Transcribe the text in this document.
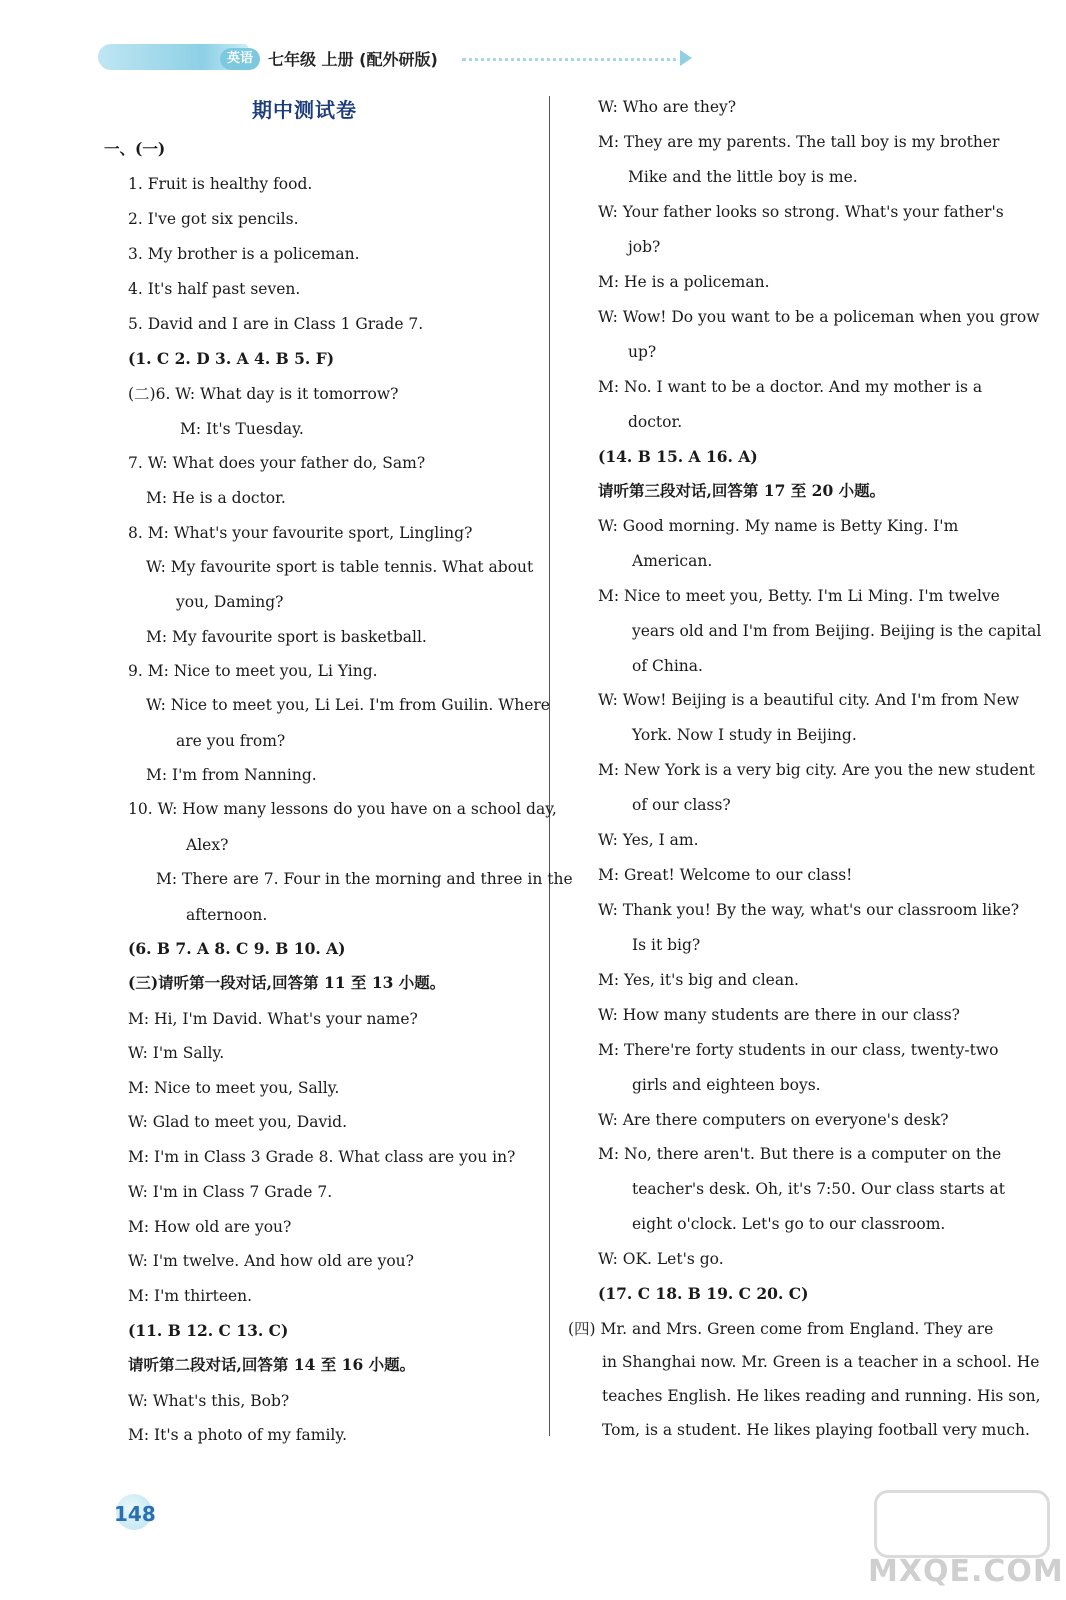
英语 七年级 上册 (配外研版)
期中测试卷
一、(一)
1. Fruit is healthy food.
2. I've got six pencils.
3. My brother is a policeman.
4. It's half past seven.
5. David and I are in Class 1 Grade 7.
(1. C 2. D 3. A 4. B 5. F)
(二)6. W: What day is it tomorrow?
M: It's Tuesday.
7. W: What does your father do, Sam?
M: He is a doctor.
8. M: What's your favourite sport, Lingling?
W: My favourite sport is table tennis. What about
you, Daming?
M: My favourite sport is basketball.
9. M: Nice to meet you, Li Ying.
W: Nice to meet you, Li Lei. I'm from Guilin. Where
are you from?
M: I'm from Nanning.
10. W: How many lessons do you have on a school day,
Alex?
M: There are 7. Four in the morning and three in the
afternoon.
(6. B 7. A 8. C 9. B 10. A)
(三)请听第一段对话,回答第 11 至 13 小题。
M: Hi, I'm David. What's your name?
W: I'm Sally.
M: Nice to meet you, Sally.
W: Glad to meet you, David.
M: I'm in Class 3 Grade 8. What class are you in?
W: I'm in Class 7 Grade 7.
M: How old are you?
W: I'm twelve. And how old are you?
M: I'm thirteen.
(11. B 12. C 13. C)
请听第二段对话,回答第 14 至 16 小题。
W: What's this, Bob?
M: It's a photo of my family.
W: Who are they?
M: They are my parents. The tall boy is my brother
Mike and the little boy is me.
W: Your father looks so strong. What's your father's
job?
M: He is a policeman.
W: Wow! Do you want to be a policeman when you grow
up?
M: No. I want to be a doctor. And my mother is a
doctor.
(14. B 15. A 16. A)
请听第三段对话,回答第 17 至 20 小题。
W: Good morning. My name is Betty King. I'm
American.
M: Nice to meet you, Betty. I'm Li Ming. I'm twelve
years old and I'm from Beijing. Beijing is the capital
of China.
W: Wow! Beijing is a beautiful city. And I'm from New
York. Now I study in Beijing.
M: New York is a very big city. Are you the new student
of our class?
W: Yes, I am.
M: Great! Welcome to our class!
W: Thank you! By the way, what's our classroom like?
Is it big?
M: Yes, it's big and clean.
W: How many students are there in our class?
M: There're forty students in our class, twenty-two
girls and eighteen boys.
W: Are there computers on everyone's desk?
M: No, there aren't. But there is a computer on the
teacher's desk. Oh, it's 7:50. Our class starts at
eight o'clock. Let's go to our classroom.
W: OK. Let's go.
(17. C 18. B 19. C 20. C)
(四) Mr. and Mrs. Green come from England. They are
in Shanghai now. Mr. Green is a teacher in a school. He
teaches English. He likes reading and running. His son,
Tom, is a student. He likes playing football very much.
148
MXQE.COM
